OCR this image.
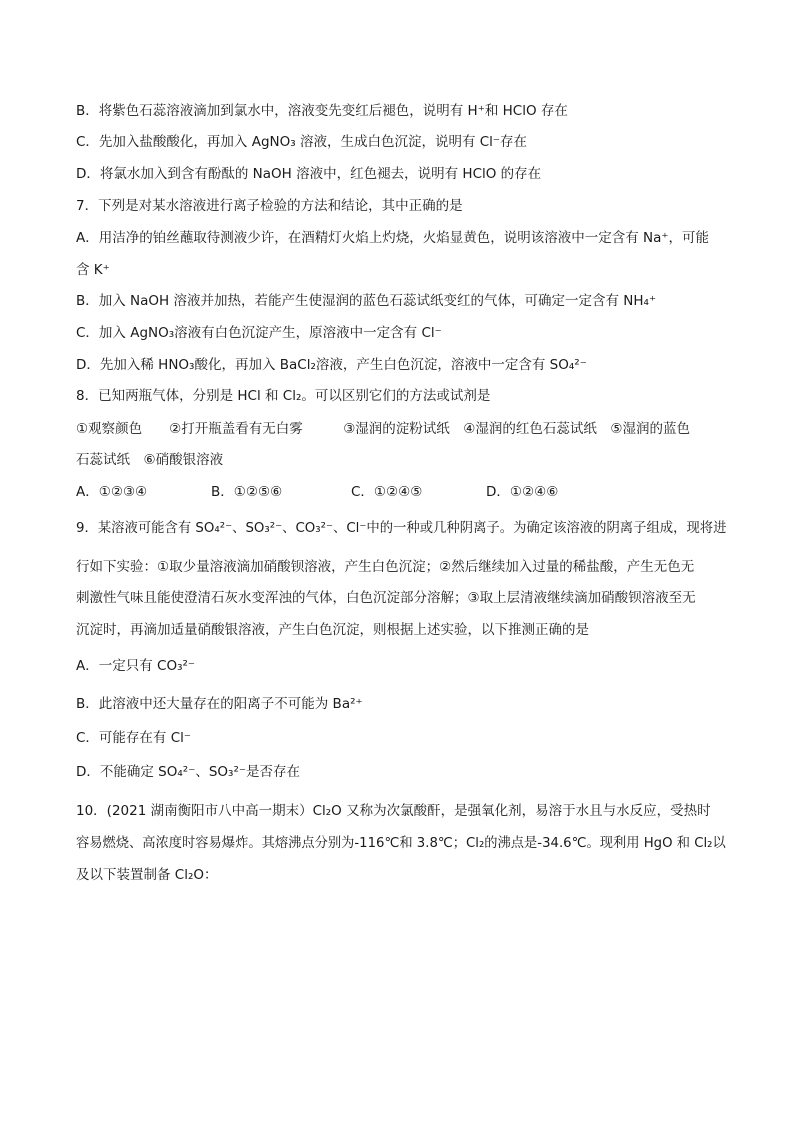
B．将紫色石蕊溶液滴加到氯水中，溶液变先变红后褪色，说明有 H⁺和 HClO 存在
C．先加入盐酸酸化，再加入 AgNO₃ 溶液，生成白色沉淀，说明有 Cl⁻存在
D．将氯水加入到含有酚酞的 NaOH 溶液中，红色褪去，说明有 HClO 的存在
7．下列是对某水溶液进行离子检验的方法和结论，其中正确的是
A．用洁净的铂丝蘸取待测液少许，在酒精灯火焰上灼烧，火焰显黄色，说明该溶液中一定含有 Na⁺，可能
含 K⁺
B．加入 NaOH 溶液并加热，若能产生使湿润的蓝色石蕊试纸变红的气体，可确定一定含有 NH₄⁺
C．加入 AgNO₃溶液有白色沉淀产生，原溶液中一定含有 Cl⁻
D．先加入稀 HNO₃酸化，再加入 BaCl₂溶液，产生白色沉淀，溶液中一定含有 SO₄²⁻
8．已知两瓶气体，分别是 HCl 和 Cl₂。可以区别它们的方法或试剂是
①观察颜色　　②打开瓶盖看有无白雾　　　③湿润的淀粉试纸　④湿润的红色石蕊试纸　⑤湿润的蓝色
石蕊试纸　⑥硝酸银溶液
A．①②③④	B．①②⑤⑥	C．①②④⑤	D．①②④⑥
9．某溶液可能含有 SO₄²⁻、SO₃²⁻、CO₃²⁻、Cl⁻中的一种或几种阴离子。为确定该溶液的阴离子组成，现将进
行如下实验：①取少量溶液滴加硝酸钡溶液，产生白色沉淀；②然后继续加入过量的稀盐酸，产生无色无
刺激性气味且能使澄清石灰水变浑浊的气体，白色沉淀部分溶解；③取上层清液继续滴加硝酸钡溶液至无
沉淀时，再滴加适量硝酸银溶液，产生白色沉淀，则根据上述实验，以下推测正确的是
A．一定只有 CO₃²⁻
B．此溶液中还大量存在的阳离子不可能为 Ba²⁺
C．可能存在有 Cl⁻
D．不能确定 SO₄²⁻、SO₃²⁻是否存在
10．(2021 湖南衡阳市八中高一期末）Cl₂O 又称为次氯酸酐，是强氧化剂，易溶于水且与水反应，受热时
容易燃烧、高浓度时容易爆炸。其熔沸点分别为-116℃和 3.8℃；Cl₂的沸点是-34.6℃。现利用 HgO 和 Cl₂以
及以下装置制备 Cl₂O：
